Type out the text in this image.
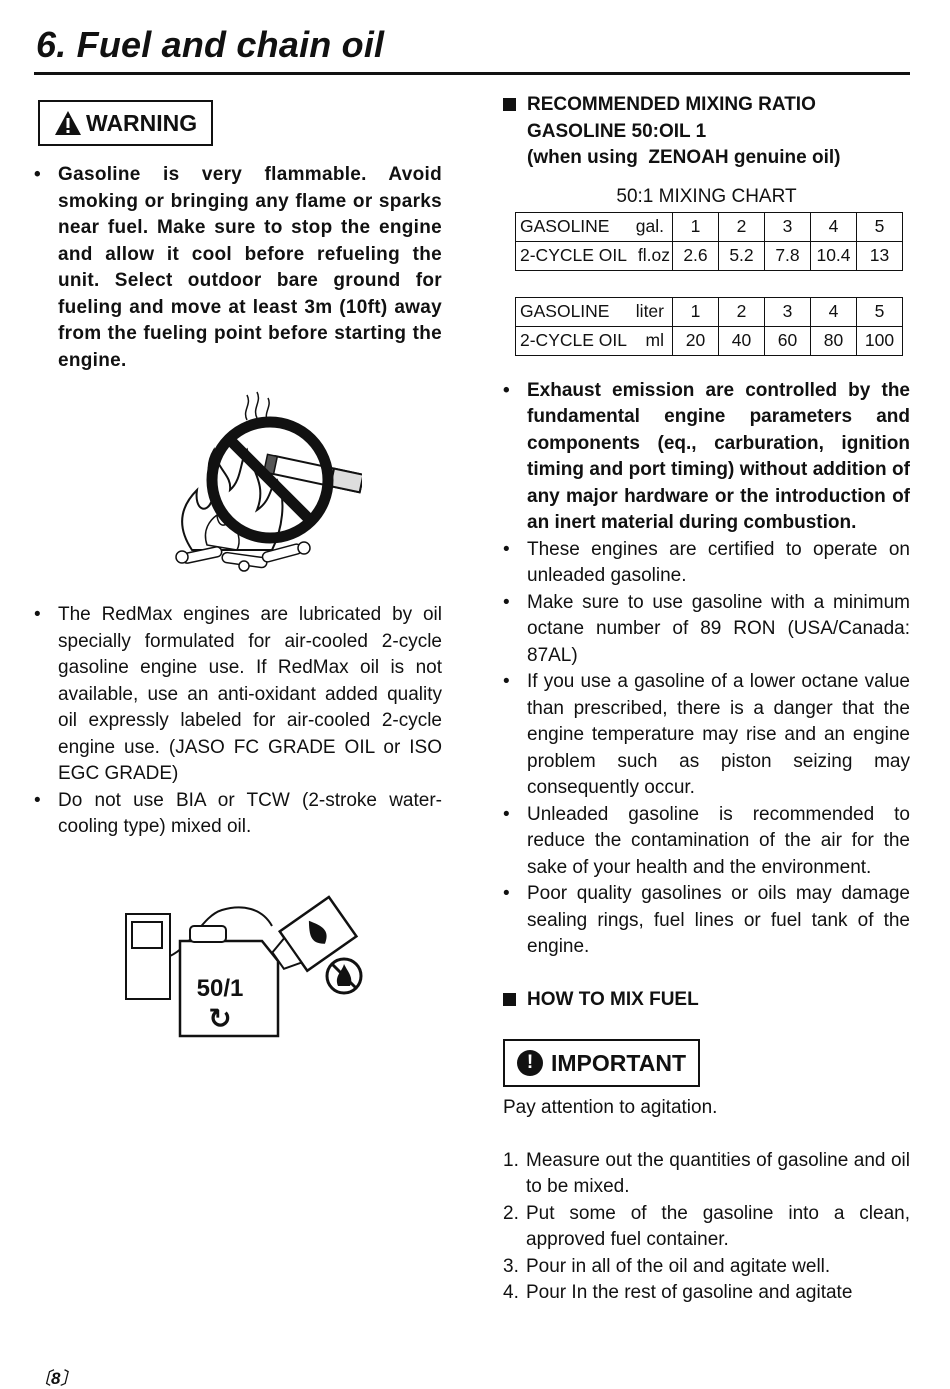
6. Fuel and chain oil
WARNING
• Gasoline is very flammable. Avoid smoking or bringing any flame or sparks near fuel. Make sure to stop the engine and allow it cool before refueling the unit. Select outdoor bare ground for fueling and move at least 3m (10ft) away from the fueling point before starting the engine.
• The RedMax engines are lubricated by oil specially formulated for air-cooled 2-cycle gasoline engine use. If RedMax oil is not available, use an anti-oxidant added quality oil expressly labeled for air-cooled 2-cycle engine use. (JASO FC GRADE OIL or ISO EGC GRADE)
• Do not use BIA or TCW (2-stroke water-cooling type) mixed oil.
50/1
↻
RECOMMENDED MIXING RATIO
GASOLINE 50:OIL 1
(when using  ZENOAH genuine oil)
50:1 MIXING CHART
GASOLINE gal.	1	2	3	4	5
2-CYCLE OIL fl.oz	2.6	5.2	7.8	10.4	13
GASOLINE liter	1	2	3	4	5
2-CYCLE OIL ml	20	40	60	80	100
• Exhaust emission are controlled by the fundamental engine parameters and components (eq., carburation, ignition timing and port timing) without addition of any major hardware or the introduction of an inert material during combustion.
• These engines are certified to operate on unleaded gasoline.
• Make sure to use gasoline with a minimum octane number of 89 RON (USA/Canada: 87AL)
• If you use a gasoline of a lower octane value than prescribed, there is a danger that the engine temperature may rise and an engine problem such as piston seizing may consequently occur.
• Unleaded gasoline is recommended to reduce the contamination of the air for the sake of your health and the environment.
• Poor quality gasolines or oils may damage sealing rings, fuel lines or fuel tank of the engine.
HOW TO MIX FUEL
! IMPORTANT
Pay attention to agitation.
1. Measure out the quantities of gasoline and oil to be mixed.
2. Put some of the gasoline into a clean, approved fuel container.
3. Pour in all of the oil and agitate well.
4. Pour In the rest of gasoline and agitate
〔8〕
